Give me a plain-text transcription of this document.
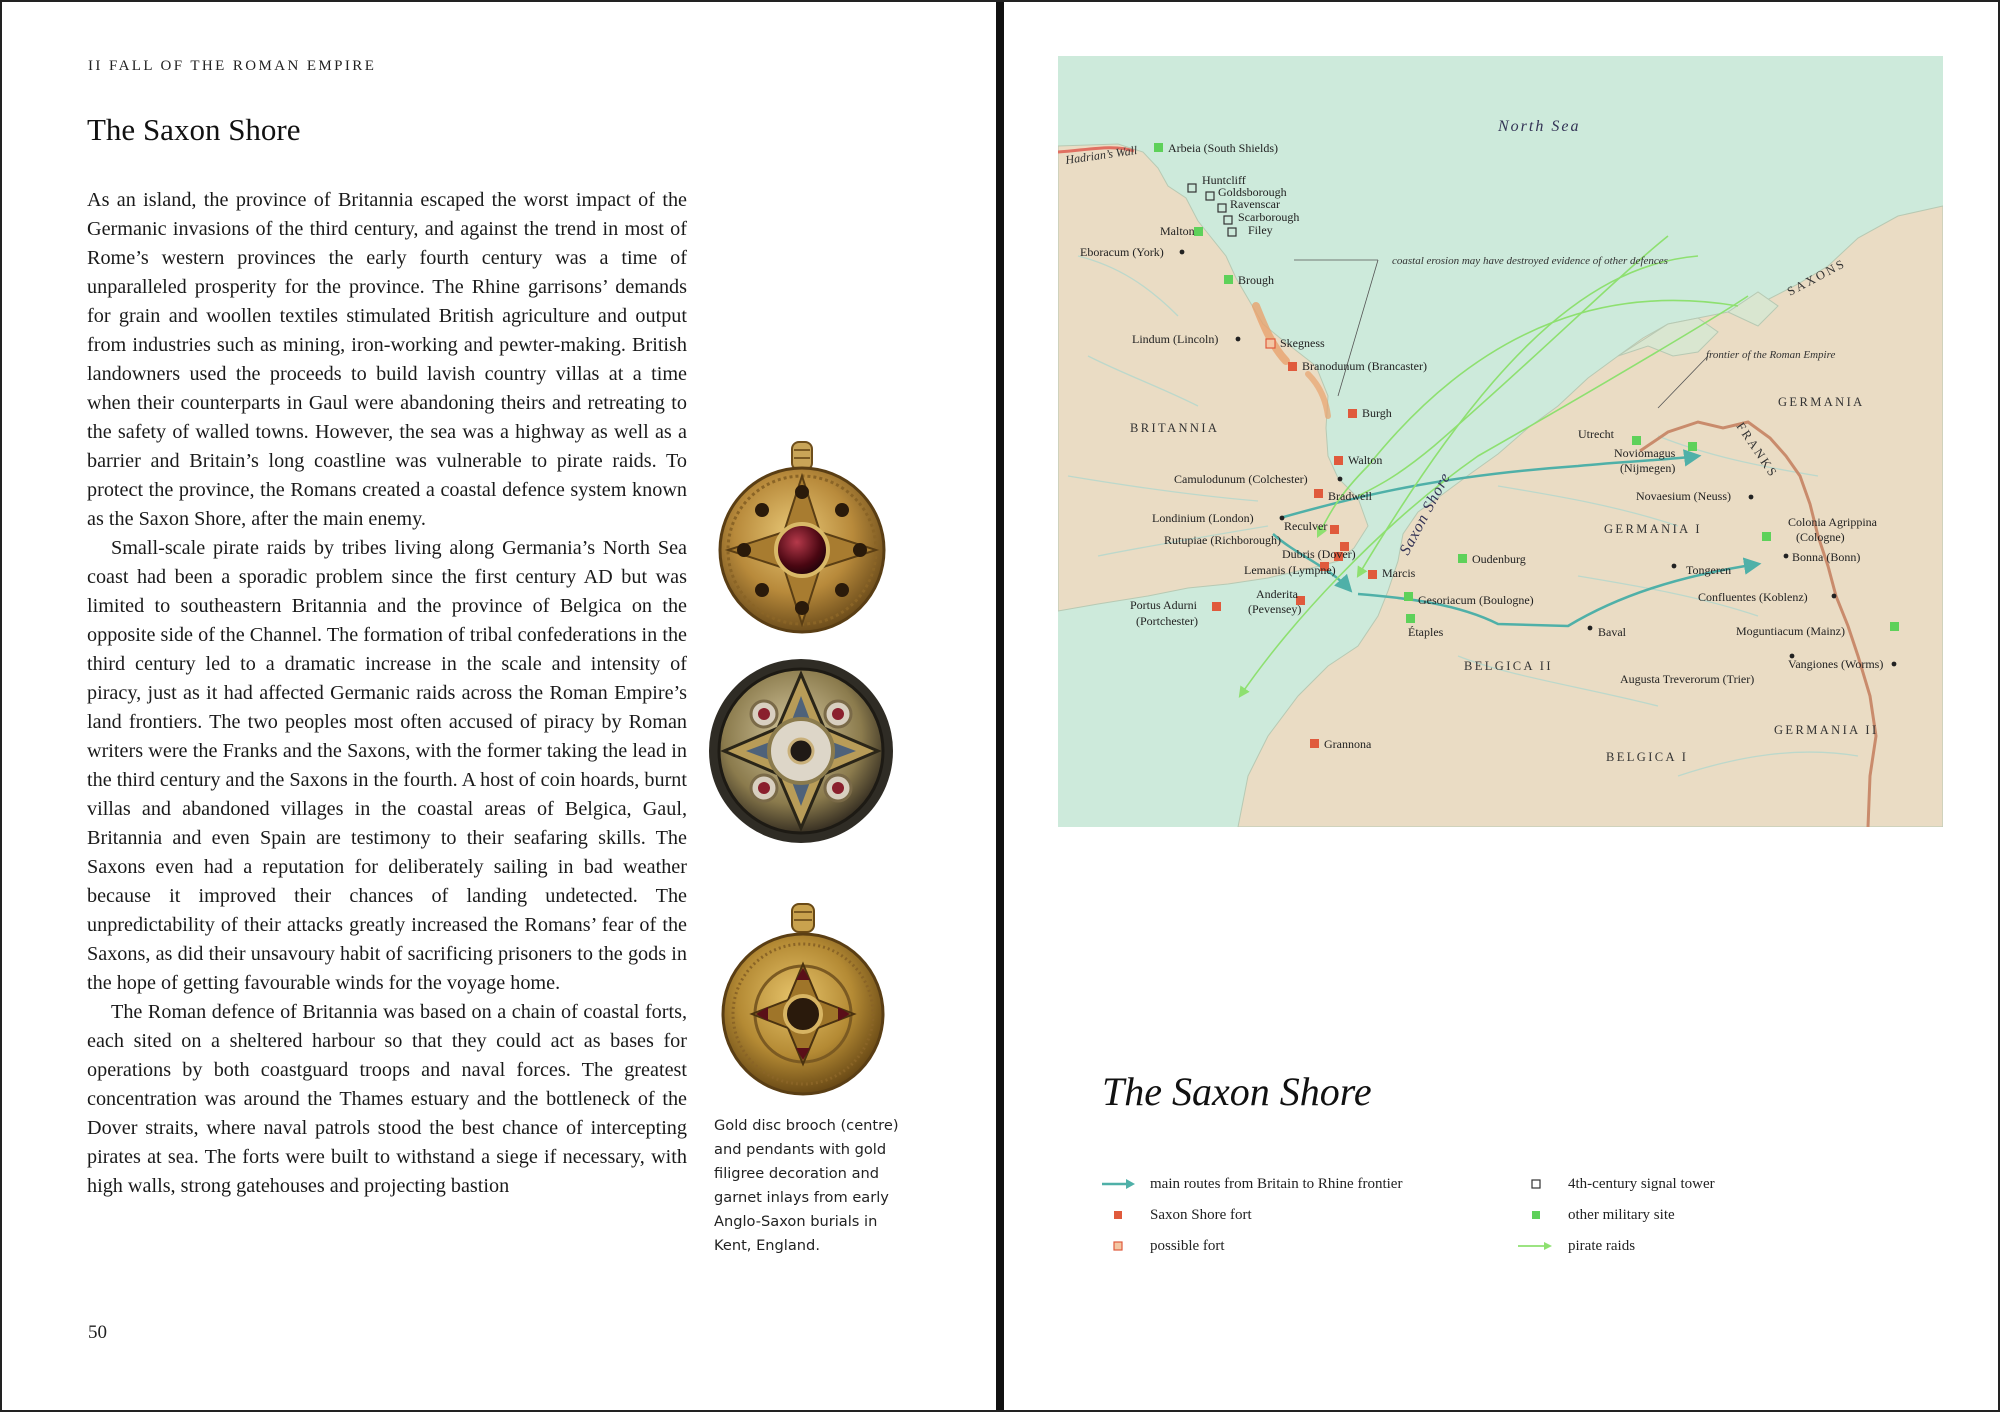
II FALL OF THE ROMAN EMPIRE
The Saxon Shore

As an island, the province of Britannia escaped the worst impact of the Germanic invasions of the third century, and against the trend in most of Rome’s western provinces the early fourth century was a time of unparalleled prosperity for the province. The Rhine garrisons’ demands for grain and woollen textiles stimulated British agriculture and output from industries such as mining, iron-working and pewter-making. British landowners used the proceeds to build lavish country villas at a time when their counterparts in Gaul were abandoning theirs and retreating to the safety of walled towns. However, the sea was a highway as well as a barrier and Britain’s long coastline was vulnerable to pirate raids. To protect the province, the Romans created a coastal defence system known as the Saxon Shore, after the main enemy.

Small-scale pirate raids by tribes living along Germania’s North Sea coast had been a sporadic problem since the first century AD but was limited to southeastern Britannia and the province of Belgica on the opposite side of the Channel. The formation of tribal confederations in the third century led to a dramatic increase in the scale and intensity of piracy, just as it had affected Germanic raids across the Roman Empire’s land frontiers. The two peoples most often accused of piracy by Roman writers were the Franks and the Saxons, with the former taking the lead in the third century and the Saxons in the fourth. A host of coin hoards, burnt villas and abandoned villages in the coastal areas of Belgica, Gaul, Britannia and even Spain are testimony to their seafaring skills. The Saxons even had a reputation for deliberately sailing in bad weather because it improved their chances of landing undetected. The unpredictability of their attacks greatly increased the Romans’ fear of the Saxons, as did their unsavoury habit of sacrificing prisoners to the gods in the hope of getting favourable winds for the voyage home.

The Roman defence of Britannia was based on a chain of coastal forts, each sited on a sheltered harbour so that they could act as bases for operations by both coastguard troops and naval forces. The greatest concentration was around the Thames estuary and the bottleneck of the Dover straits, where naval patrols stood the best chance of intercepting pirates at sea. The forts were built to withstand a siege if necessary, with high walls, strong gatehouses and projecting bastion

Gold disc brooch (centre) and pendants with gold filigree decoration and garnet inlays from early Anglo-Saxon burials in Kent, England.
50
North Sea
Hadrian’s Wall
coastal erosion may have destroyed evidence of other defences
frontier of the Roman Empire
Saxon Shore
BRITANNIA
GERMANIA
GERMANIA I
GERMANIA II
BELGICA I
BELGICA II
SAXONS
FRANKS
Arbeia (South Shields)
Huntcliff
Goldsborough
Ravenscar
Scarborough
Filey
Malton
Eboracum (York)
Brough
Lindum (Lincoln)	Skegness
Branodunum (Brancaster)
Burgh
Walton
Camulodunum (Colchester)
Bradwell
Londinium (London)
Reculver
Rutupiae (Richborough)
Dubris (Dover)
Lemanis (Lympne)
Anderita
(Pevensey)
Portus Adurni
(Portchester)
Marcis
Oudenburg
Gesoriacum (Boulogne)
Étaples
Grannona
Utrecht
Noviomagus
(Nijmegen)
Novaesium (Neuss)
Colonia Agrippina
(Cologne)
Bonna (Bonn)
Tongeren
Baval
Confluentes (Koblenz)
Moguntiacum (Mainz)
Vangiones (Worms)
Augusta Treverorum (Trier)
The Saxon Shore
main routes from Britain to Rhine frontier
Saxon Shore fort
possible fort
4th-century signal tower
other military site
pirate raids
